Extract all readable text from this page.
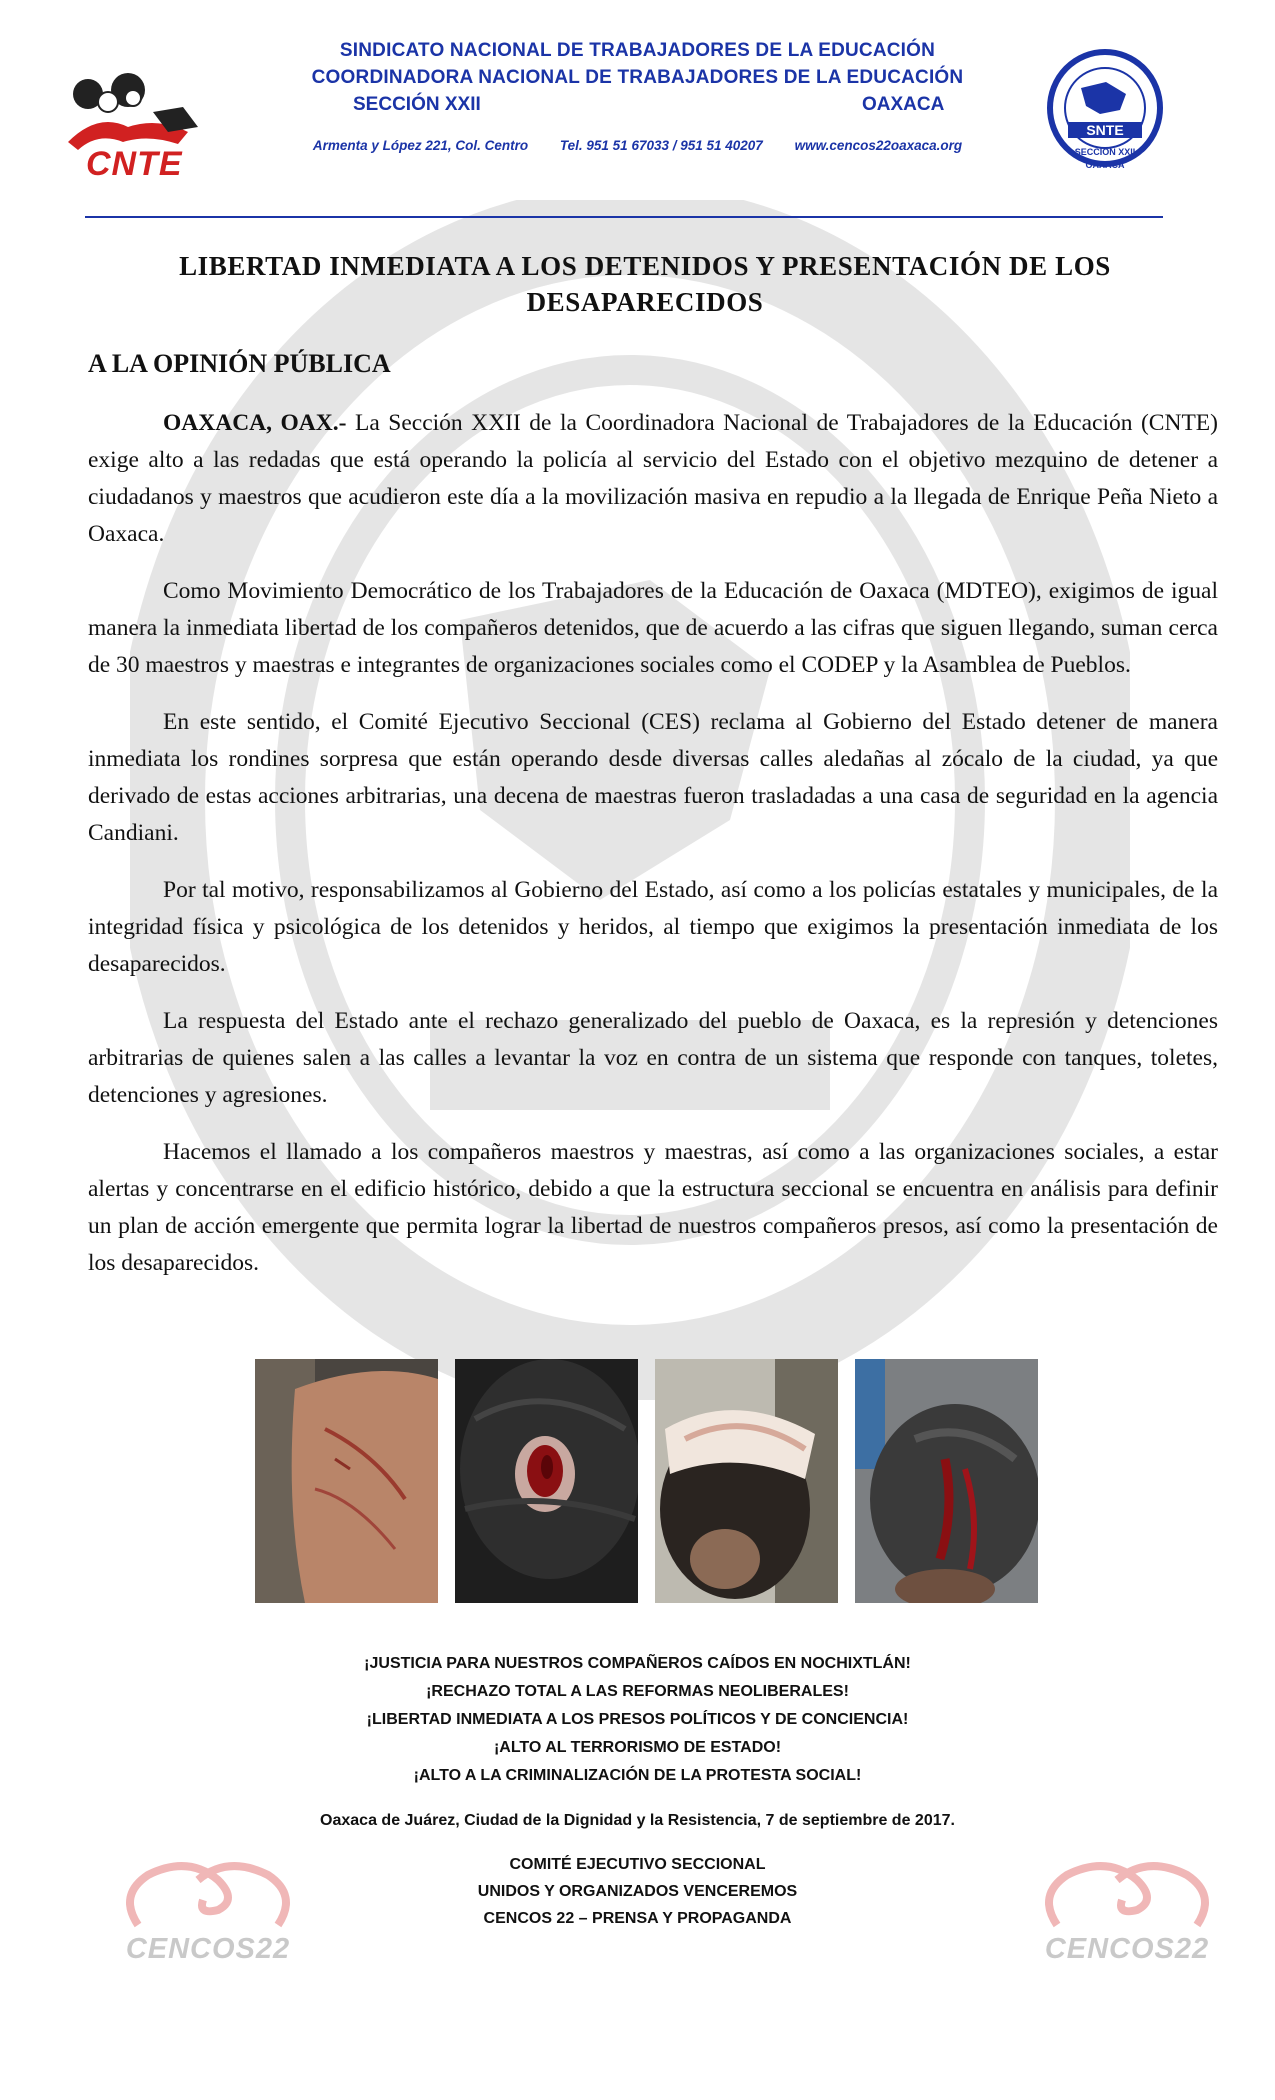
CNTE
SNTE
SECCION XXII
OAXACA
SINDICATO NACIONAL DE TRABAJADORES DE LA EDUCACIÓN
COORDINADORA NACIONAL DE TRABAJADORES DE LA EDUCACIÓN
SECCIÓN XXII	OAXACA
Armenta y López 221, Col. Centro Tel. 951 51 67033 / 951 51 40207 www.cencos22oaxaca.org
LIBERTAD INMEDIATA A LOS DETENIDOS Y PRESENTACIÓN DE LOS DESAPARECIDOS
A LA OPINIÓN PÚBLICA

OAXACA, OAX.- La Sección XXII de la Coordinadora Nacional de Trabajadores de la Educación (CNTE) exige alto a las redadas que está operando la policía al servicio del Estado con el objetivo mezquino de detener a ciudadanos y maestros que acudieron este día a la movilización masiva en repudio a la llegada de Enrique Peña Nieto a Oaxaca.

Como Movimiento Democrático de los Trabajadores de la Educación de Oaxaca (MDTEO), exigimos de igual manera la inmediata libertad de los compañeros detenidos, que de acuerdo a las cifras que siguen llegando, suman cerca de 30 maestros y maestras e integrantes de organizaciones sociales como el CODEP y la Asamblea de Pueblos.

En este sentido, el Comité Ejecutivo Seccional (CES) reclama al Gobierno del Estado detener de manera inmediata los rondines sorpresa que están operando desde diversas calles aledañas al zócalo de la ciudad, ya que derivado de estas acciones arbitrarias, una decena de maestras fueron trasladadas a una casa de seguridad en la agencia Candiani.

Por tal motivo, responsabilizamos al Gobierno del Estado, así como a los policías estatales y municipales, de la integridad física y psicológica de los detenidos y heridos, al tiempo que exigimos la presentación inmediata de los desaparecidos.

La respuesta del Estado ante el rechazo generalizado del pueblo de Oaxaca, es la represión y detenciones arbitrarias de quienes salen a las calles a levantar la voz en contra de un sistema que responde con tanques, toletes, detenciones y agresiones.

Hacemos el llamado a los compañeros maestros y maestras, así como a las organizaciones sociales, a estar alertas y concentrarse en el edificio histórico, debido a que la estructura seccional se encuentra en análisis para definir un plan de acción emergente que permita lograr la libertad de nuestros compañeros presos, así como la presentación de los desaparecidos.

¡JUSTICIA PARA NUESTROS COMPAÑEROS CAÍDOS EN NOCHIXTLÁN!
¡RECHAZO TOTAL A LAS REFORMAS NEOLIBERALES!
¡LIBERTAD INMEDIATA A LOS PRESOS POLÍTICOS Y DE CONCIENCIA!
¡ALTO AL TERRORISMO DE ESTADO!
¡ALTO A LA CRIMINALIZACIÓN DE LA PROTESTA SOCIAL!
Oaxaca de Juárez, Ciudad de la Dignidad y la Resistencia, 7 de septiembre de 2017.
COMITÉ EJECUTIVO SECCIONAL
UNIDOS Y ORGANIZADOS VENCEREMOS
CENCOS 22 – PRENSA Y PROPAGANDA
CENCOS22	CENCOS22
